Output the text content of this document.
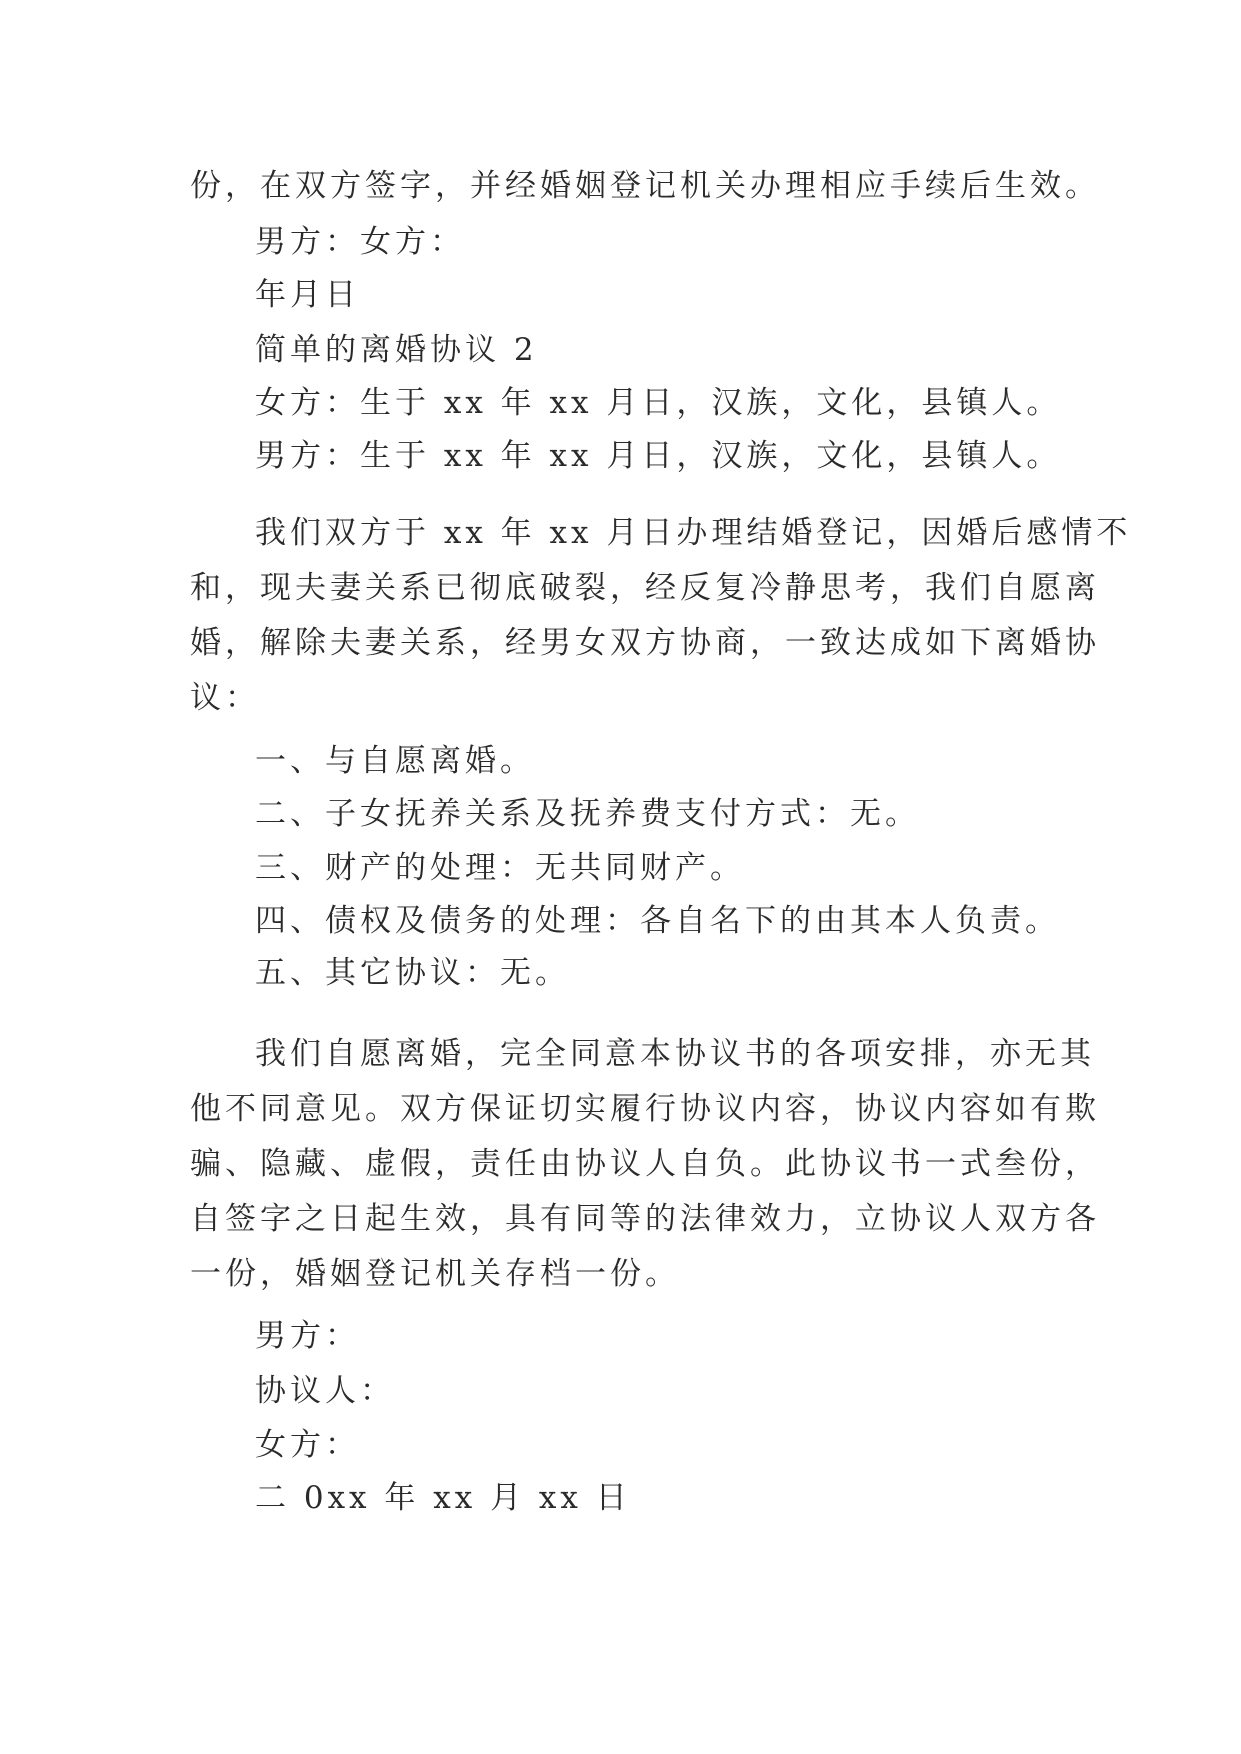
份，在双方签字，并经婚姻登记机关办理相应手续后生效。
男方：女方：
年月日
简单的离婚协议 2
女方：生于 xx 年 xx 月日，汉族，文化，县镇人。
男方：生于 xx 年 xx 月日，汉族，文化，县镇人。
我们双方于 xx 年 xx 月日办理结婚登记，因婚后感情不
和，现夫妻关系已彻底破裂，经反复冷静思考，我们自愿离
婚，解除夫妻关系，经男女双方协商，一致达成如下离婚协
议：
一、与自愿离婚。
二、子女抚养关系及抚养费支付方式：无。
三、财产的处理：无共同财产。
四、债权及债务的处理：各自名下的由其本人负责。
五、其它协议：无。
我们自愿离婚，完全同意本协议书的各项安排，亦无其
他不同意见。双方保证切实履行协议内容，协议内容如有欺
骗、隐藏、虚假，责任由协议人自负。此协议书一式叁份，
自签字之日起生效，具有同等的法律效力，立协议人双方各
一份，婚姻登记机关存档一份。
男方：
协议人：
女方：
二 0xx 年 xx 月 xx 日
